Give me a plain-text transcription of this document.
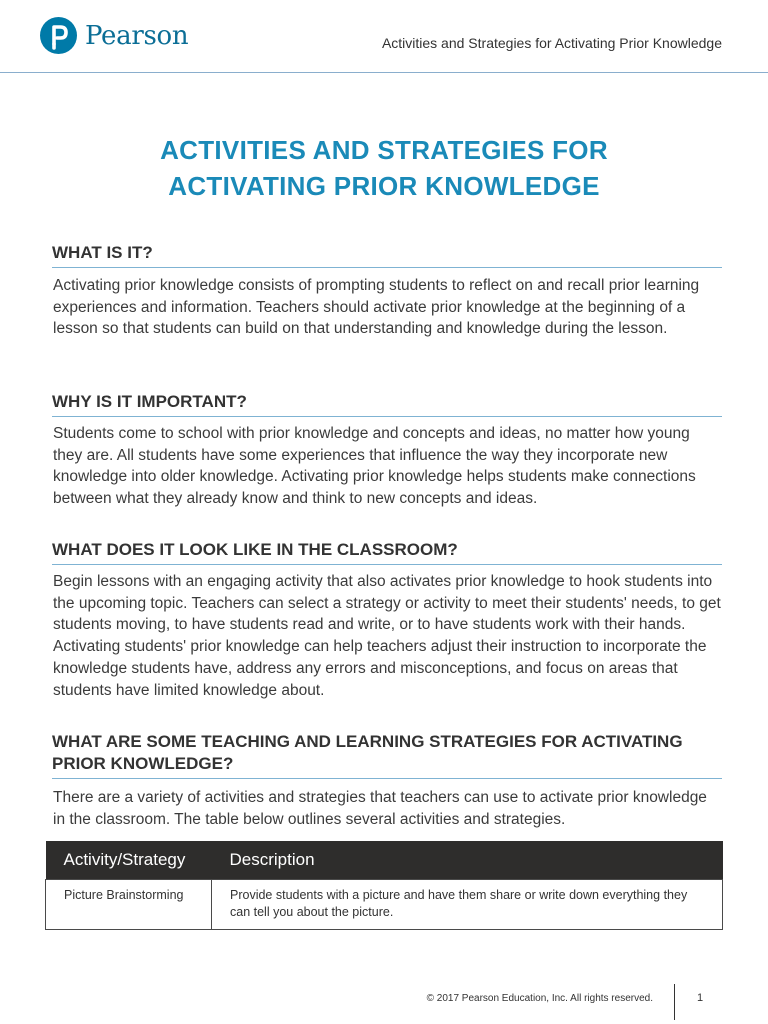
Pearson	Activities and Strategies for Activating Prior Knowledge
ACTIVITIES AND STRATEGIES FOR
ACTIVATING PRIOR KNOWLEDGE
WHAT IS IT?
Activating prior knowledge consists of prompting students to reflect on and recall prior learning experiences and information. Teachers should activate prior knowledge at the beginning of a lesson so that students can build on that understanding and knowledge during the lesson.
WHY IS IT IMPORTANT?
Students come to school with prior knowledge and concepts and ideas, no matter how young they are. All students have some experiences that influence the way they incorporate new knowledge into older knowledge. Activating prior knowledge helps students make connections between what they already know and think to new concepts and ideas.
WHAT DOES IT LOOK LIKE IN THE CLASSROOM?
Begin lessons with an engaging activity that also activates prior knowledge to hook students into the upcoming topic. Teachers can select a strategy or activity to meet their students' needs, to get students moving, to have students read and write, or to have students work with their hands. Activating students' prior knowledge can help teachers adjust their instruction to incorporate the knowledge students have, address any errors and misconceptions, and focus on areas that students have limited knowledge about.
WHAT ARE SOME TEACHING AND LEARNING STRATEGIES FOR ACTIVATING PRIOR KNOWLEDGE?
There are a variety of activities and strategies that teachers can use to activate prior knowledge in the classroom. The table below outlines several activities and strategies.
Activity/Strategy	Description
Picture Brainstorming	Provide students with a picture and have them share or write down everything they can tell you about the picture.
© 2017 Pearson Education, Inc. All rights reserved.	1
